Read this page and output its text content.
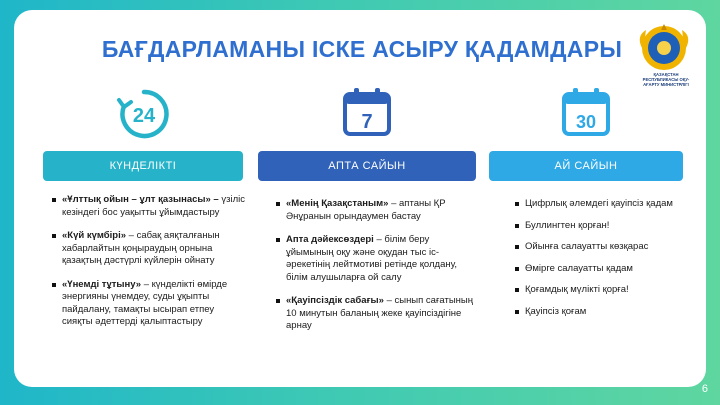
БАҒДАРЛАМАНЫ ІСКЕ АСЫРУ ҚАДАМДАРЫ
ҚАЗАҚСТАН РЕСПУБЛИКАСЫ ОҚУ-АҒАРТУ МИНИСТРЛІГІ
24	7	30
КҮНДЕЛІКТІ	АПТА САЙЫН	АЙ САЙЫН
«Ұлттық ойын – ұлт қазынасы» – үзіліс кезіндегі бос уақытты ұйымдастыру
«Күй күмбірі» – сабақ аяқталғанын хабарлайтын қоңыраудың орнына қазақтың дәстүрлі күйлерін ойнату
«Үнемді тұтыну» – күнделікті өмірде энергияны үнемдеу, суды ұқыпты пайдалану, тамақты ысырап етпеу сияқты әдеттерді қалыптастыру
«Менің Қазақстаным» – аптаны ҚР Әнұранын орындаумен бастау
Апта дәйексөздері – білім беру ұйымының оқу және оқудан тыс іс-әрекетінің лейтмотиві ретінде қолдану, білім алушыларға ой салу
«Қауіпсіздік сабағы» – сынып сағатының 10 минутын баланың жеке қауіпсіздігіне арнау
Цифрлық әлемдегі қауіпсіз қадам
Буллингтен қорған!
Ойынға салауатты көзқарас
Өмірге салауатты қадам
Қоғамдық мүлікті қорға!
Қауіпсіз қоғам
6
